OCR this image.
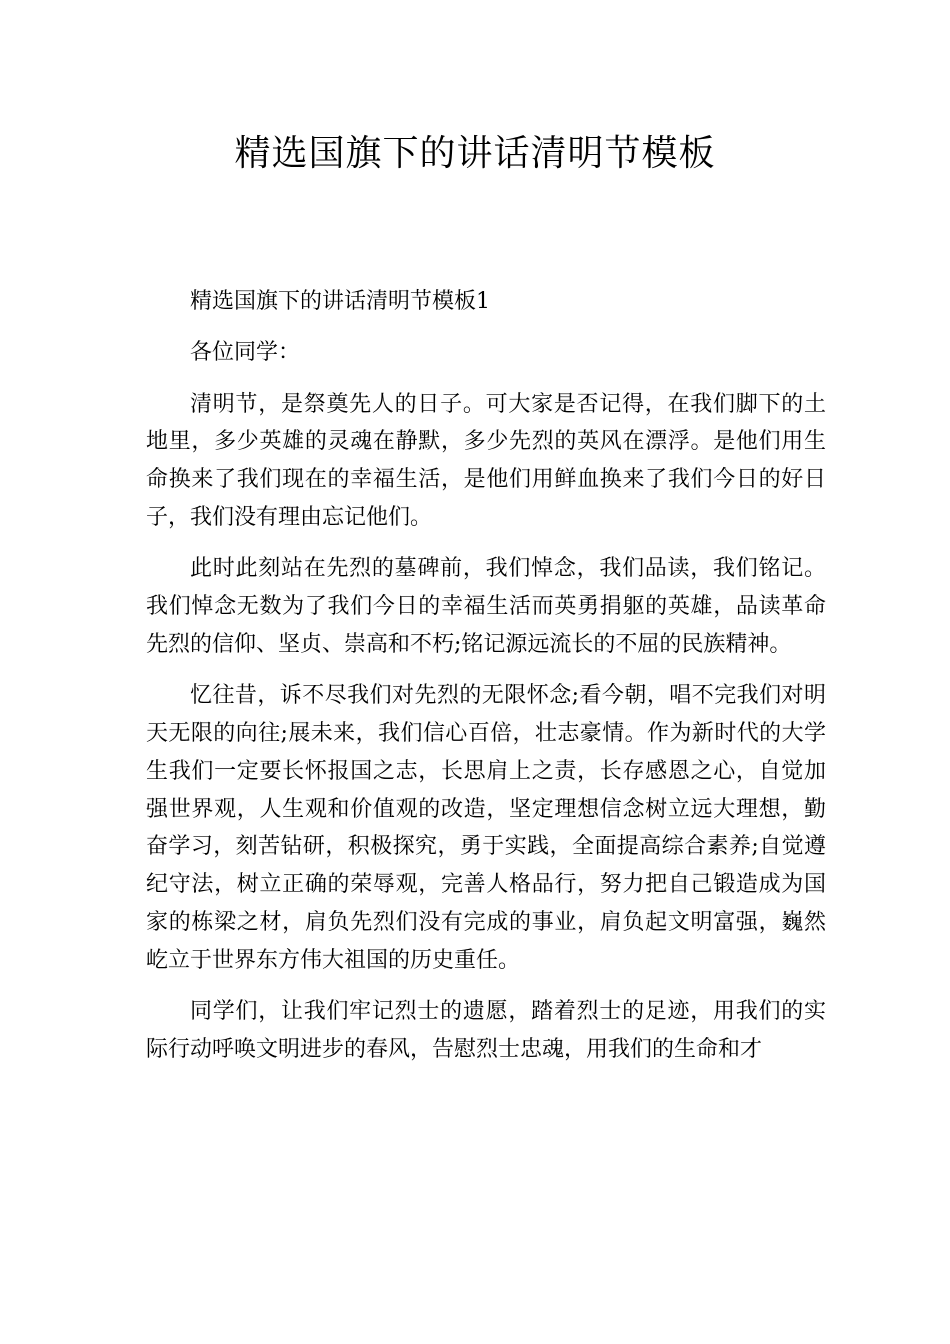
精选国旗下的讲话清明节模板

精选国旗下的讲话清明节模板1

各位同学：

清明节，是祭奠先人的日子。可大家是否记得，在我们脚下的土地里，多少英雄的灵魂在静默，多少先烈的英风在漂浮。是他们用生命换来了我们现在的幸福生活，是他们用鲜血换来了我们今日的好日子，我们没有理由忘记他们。

此时此刻站在先烈的墓碑前，我们悼念，我们品读，我们铭记。我们悼念无数为了我们今日的幸福生活而英勇捐躯的英雄，品读革命先烈的信仰、坚贞、崇高和不朽;铭记源远流长的不屈的民族精神。

忆往昔，诉不尽我们对先烈的无限怀念;看今朝，唱不完我们对明天无限的向往;展未来，我们信心百倍，壮志豪情。作为新时代的大学生我们一定要长怀报国之志，长思肩上之责，长存感恩之心，自觉加强世界观，人生观和价值观的改造，坚定理想信念树立远大理想，勤奋学习，刻苦钻研，积极探究，勇于实践，全面提高综合素养;自觉遵纪守法，树立正确的荣辱观，完善人格品行，努力把自己锻造成为国家的栋梁之材，肩负先烈们没有完成的事业，肩负起文明富强，巍然屹立于世界东方伟大祖国的历史重任。

同学们，让我们牢记烈士的遗愿，踏着烈士的足迹，用我们的实际行动呼唤文明进步的春风，告慰烈士忠魂，用我们的生命和才
